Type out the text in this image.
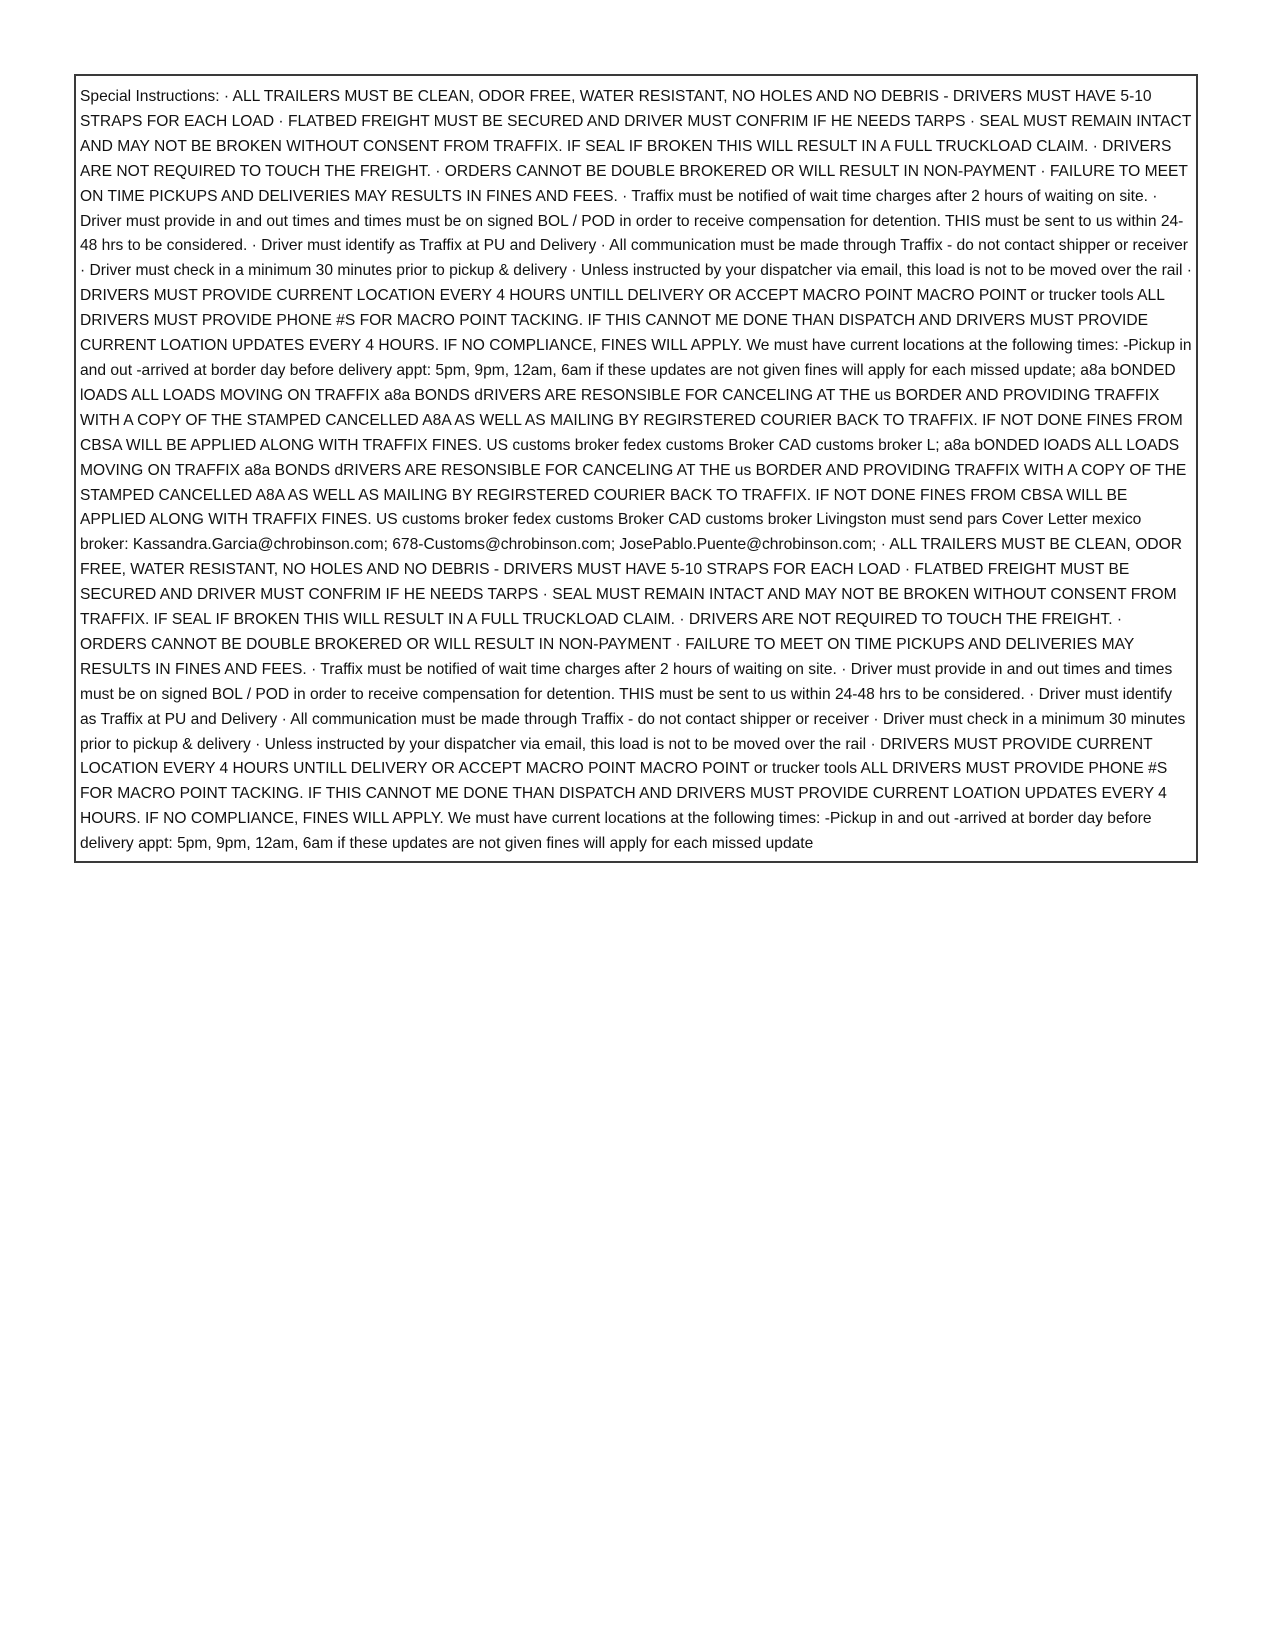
Special Instructions: · ALL TRAILERS MUST BE CLEAN, ODOR FREE, WATER RESISTANT, NO HOLES AND NO DEBRIS - DRIVERS MUST HAVE 5-10 STRAPS FOR EACH LOAD · FLATBED FREIGHT MUST BE SECURED AND DRIVER MUST CONFRIM IF HE NEEDS TARPS · SEAL MUST REMAIN INTACT AND MAY NOT BE BROKEN WITHOUT CONSENT FROM TRAFFIX. IF SEAL IF BROKEN THIS WILL RESULT IN A FULL TRUCKLOAD CLAIM. · DRIVERS ARE NOT REQUIRED TO TOUCH THE FREIGHT. · ORDERS CANNOT BE DOUBLE BROKERED OR WILL RESULT IN NON-PAYMENT · FAILURE TO MEET ON TIME PICKUPS AND DELIVERIES MAY RESULTS IN FINES AND FEES. · Traffix must be notified of wait time charges after 2 hours of waiting on site. · Driver must provide in and out times and times must be on signed BOL / POD in order to receive compensation for detention. THIS must be sent to us within 24-48 hrs to be considered. · Driver must identify as Traffix at PU and Delivery · All communication must be made through Traffix - do not contact shipper or receiver · Driver must check in a minimum 30 minutes prior to pickup & delivery · Unless instructed by your dispatcher via email, this load is not to be moved over the rail · DRIVERS MUST PROVIDE CURRENT LOCATION EVERY 4 HOURS UNTILL DELIVERY OR ACCEPT MACRO POINT MACRO POINT or trucker tools ALL DRIVERS MUST PROVIDE PHONE #S FOR MACRO POINT TACKING. IF THIS CANNOT ME DONE THAN DISPATCH AND DRIVERS MUST PROVIDE CURRENT LOATION UPDATES EVERY 4 HOURS. IF NO COMPLIANCE, FINES WILL APPLY. We must have current locations at the following times: -Pickup in and out -arrived at border day before delivery appt: 5pm, 9pm, 12am, 6am if these updates are not given fines will apply for each missed update; a8a bONDED lOADS ALL LOADS MOVING ON TRAFFIX a8a BONDS dRIVERS ARE RESONSIBLE FOR CANCELING AT THE us BORDER AND PROVIDING TRAFFIX WITH A COPY OF THE STAMPED CANCELLED A8A AS WELL AS MAILING BY REGIRSTERED COURIER BACK TO TRAFFIX. IF NOT DONE FINES FROM CBSA WILL BE APPLIED ALONG WITH TRAFFIX FINES. US customs broker fedex customs Broker CAD customs broker L; a8a bONDED lOADS ALL LOADS MOVING ON TRAFFIX a8a BONDS dRIVERS ARE RESONSIBLE FOR CANCELING AT THE us BORDER AND PROVIDING TRAFFIX WITH A COPY OF THE STAMPED CANCELLED A8A AS WELL AS MAILING BY REGIRSTERED COURIER BACK TO TRAFFIX. IF NOT DONE FINES FROM CBSA WILL BE APPLIED ALONG WITH TRAFFIX FINES. US customs broker fedex customs Broker CAD customs broker Livingston must send pars Cover Letter mexico broker: Kassandra.Garcia@chrobinson.com; 678-Customs@chrobinson.com; JosePablo.Puente@chrobinson.com; · ALL TRAILERS MUST BE CLEAN, ODOR FREE, WATER RESISTANT, NO HOLES AND NO DEBRIS - DRIVERS MUST HAVE 5-10 STRAPS FOR EACH LOAD · FLATBED FREIGHT MUST BE SECURED AND DRIVER MUST CONFRIM IF HE NEEDS TARPS · SEAL MUST REMAIN INTACT AND MAY NOT BE BROKEN WITHOUT CONSENT FROM TRAFFIX. IF SEAL IF BROKEN THIS WILL RESULT IN A FULL TRUCKLOAD CLAIM. · DRIVERS ARE NOT REQUIRED TO TOUCH THE FREIGHT. · ORDERS CANNOT BE DOUBLE BROKERED OR WILL RESULT IN NON-PAYMENT · FAILURE TO MEET ON TIME PICKUPS AND DELIVERIES MAY RESULTS IN FINES AND FEES. · Traffix must be notified of wait time charges after 2 hours of waiting on site. · Driver must provide in and out times and times must be on signed BOL / POD in order to receive compensation for detention. THIS must be sent to us within 24-48 hrs to be considered. · Driver must identify as Traffix at PU and Delivery · All communication must be made through Traffix - do not contact shipper or receiver · Driver must check in a minimum 30 minutes prior to pickup & delivery · Unless instructed by your dispatcher via email, this load is not to be moved over the rail · DRIVERS MUST PROVIDE CURRENT LOCATION EVERY 4 HOURS UNTILL DELIVERY OR ACCEPT MACRO POINT MACRO POINT or trucker tools ALL DRIVERS MUST PROVIDE PHONE #S FOR MACRO POINT TACKING. IF THIS CANNOT ME DONE THAN DISPATCH AND DRIVERS MUST PROVIDE CURRENT LOATION UPDATES EVERY 4 HOURS. IF NO COMPLIANCE, FINES WILL APPLY. We must have current locations at the following times: -Pickup in and out -arrived at border day before delivery appt: 5pm, 9pm, 12am, 6am if these updates are not given fines will apply for each missed update
